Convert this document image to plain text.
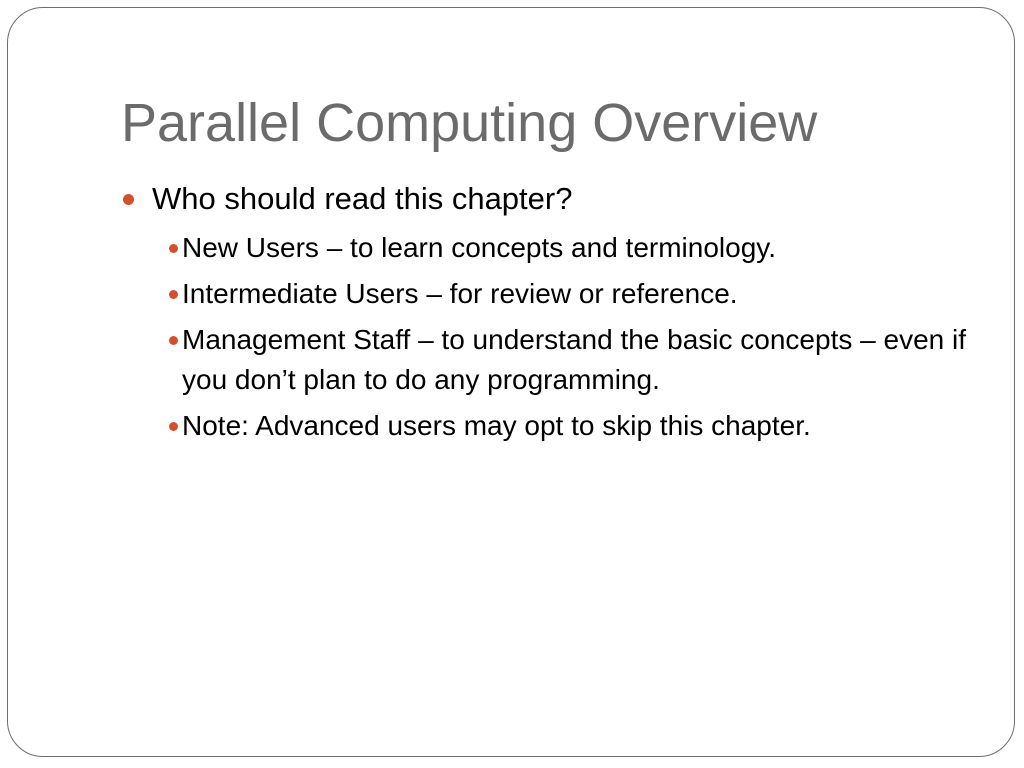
Parallel Computing Overview
Who should read this chapter?
New Users – to learn concepts and terminology.
Intermediate Users – for review or reference.
Management Staff – to understand the basic concepts – even if you don’t plan to do any programming.
Note: Advanced users may opt to skip this chapter.
